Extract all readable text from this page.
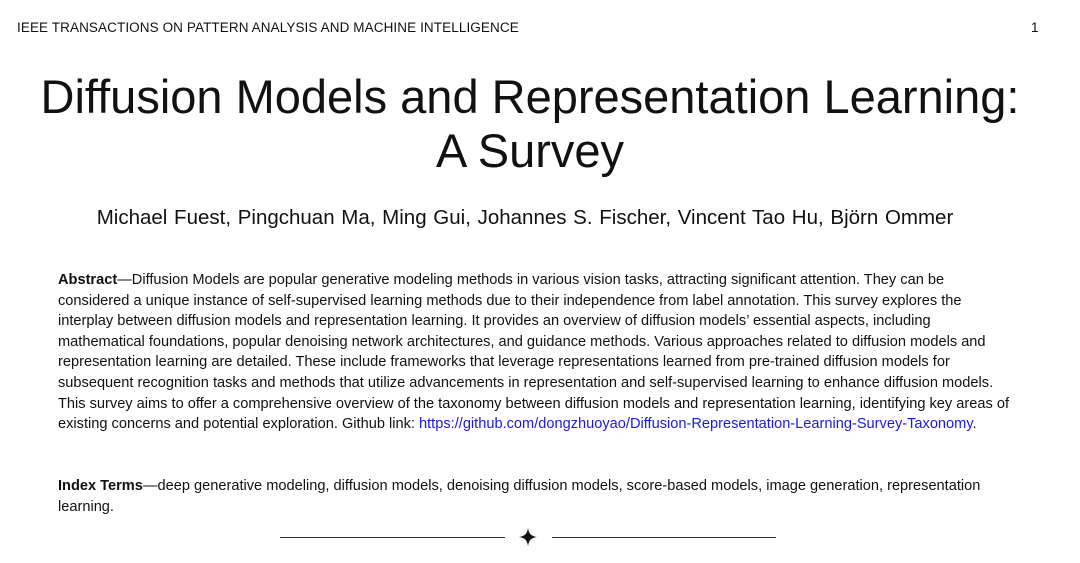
IEEE TRANSACTIONS ON PATTERN ANALYSIS AND MACHINE INTELLIGENCE	1
Diffusion Models and Representation Learning:
A Survey
Michael Fuest, Pingchuan Ma, Ming Gui, Johannes S. Fischer, Vincent Tao Hu, Björn Ommer

Abstract—Diffusion Models are popular generative modeling methods in various vision tasks, attracting significant attention. They can be considered a unique instance of self-supervised learning methods due to their independence from label annotation. This survey explores the interplay between diffusion models and representation learning. It provides an overview of diffusion models’ essential aspects, including mathematical foundations, popular denoising network architectures, and guidance methods. Various approaches related to diffusion models and representation learning are detailed. These include frameworks that leverage representations learned from pre-trained diffusion models for subsequent recognition tasks and methods that utilize advancements in representation and self-supervised learning to enhance diffusion models. This survey aims to offer a comprehensive overview of the taxonomy between diffusion models and representation learning, identifying key areas of existing concerns and potential exploration. Github link: https://github.com/dongzhuoyao/Diffusion-Representation-Learning-Survey-Taxonomy.

Index Terms—deep generative modeling, diffusion models, denoising diffusion models, score-based models, image generation, representation learning.
